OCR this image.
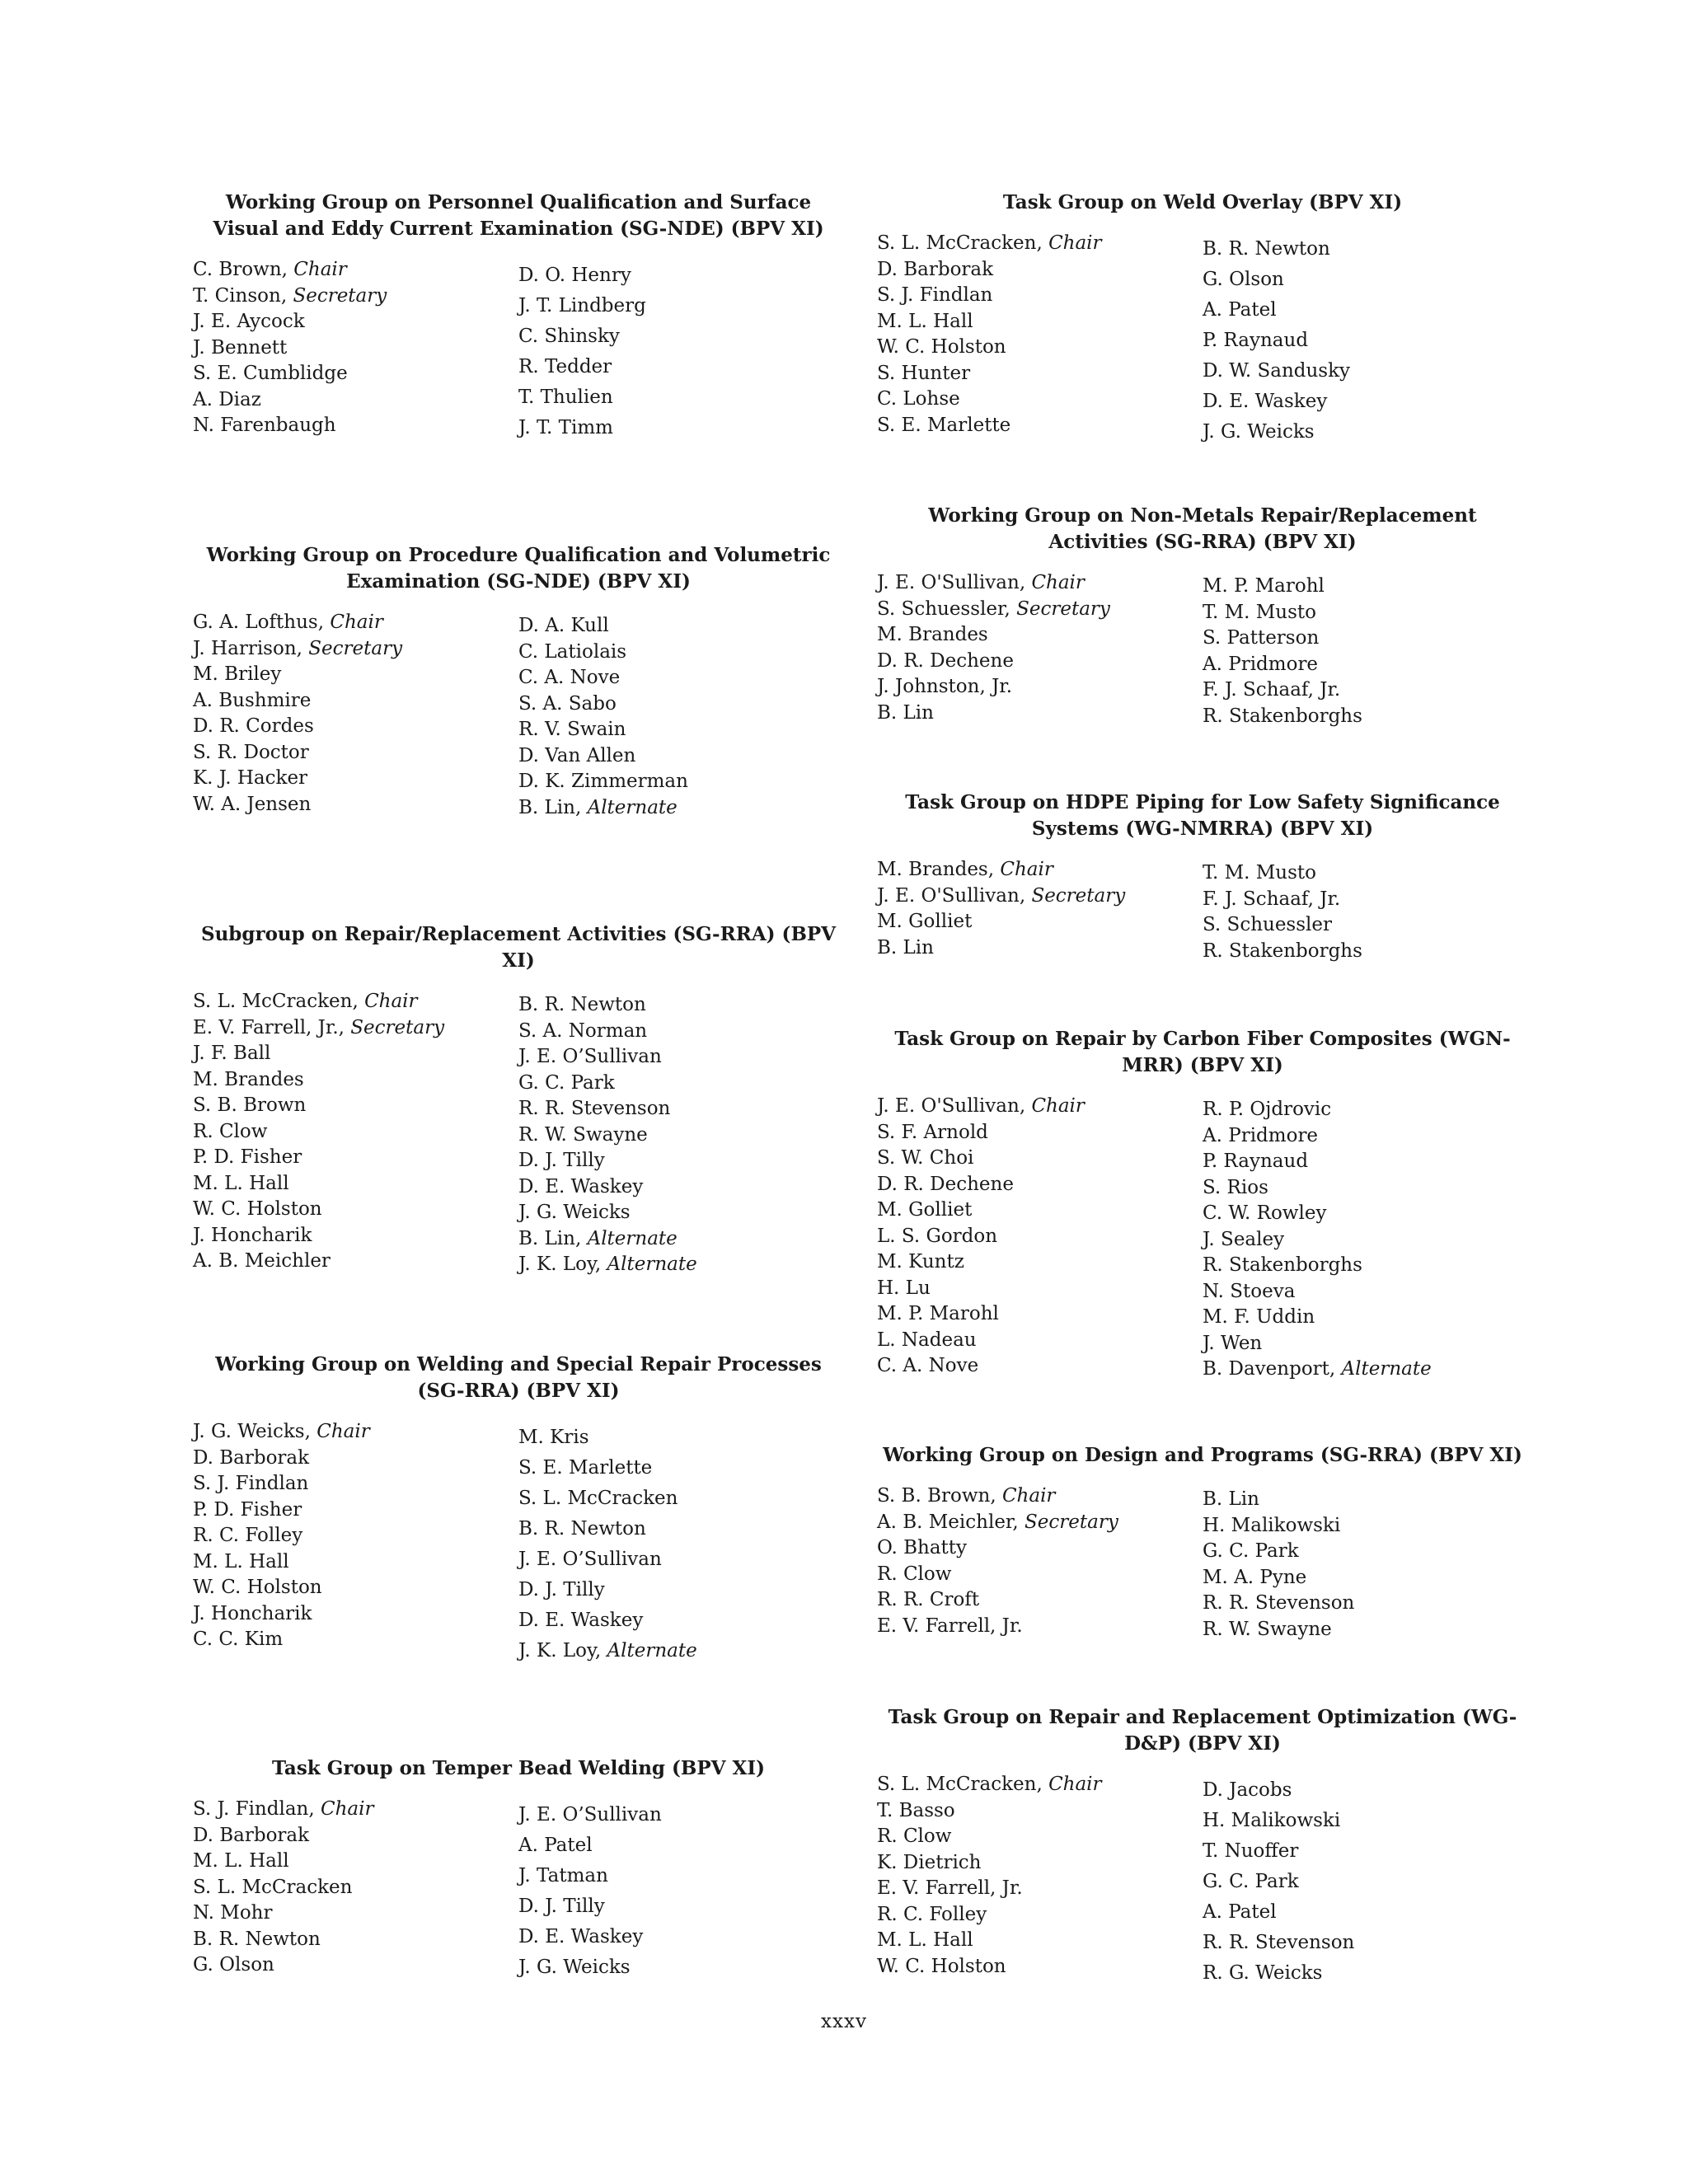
Working Group on Personnel Qualification and Surface Visual and Eddy Current Examination (SG-NDE) (BPV XI)
C. Brown, Chair
T. Cinson, Secretary
J. E. Aycock
J. Bennett
S. E. Cumblidge
A. Diaz
N. Farenbaugh
D. O. Henry
J. T. Lindberg
C. Shinsky
R. Tedder
T. Thulien
J. T. Timm
Working Group on Procedure Qualification and Volumetric Examination (SG-NDE) (BPV XI)
G. A. Lofthus, Chair
J. Harrison, Secretary
M. Briley
A. Bushmire
D. R. Cordes
S. R. Doctor
K. J. Hacker
W. A. Jensen
D. A. Kull
C. Latiolais
C. A. Nove
S. A. Sabo
R. V. Swain
D. Van Allen
D. K. Zimmerman
B. Lin, Alternate
Subgroup on Repair/Replacement Activities (SG-RRA) (BPV XI)
S. L. McCracken, Chair
E. V. Farrell, Jr., Secretary
J. F. Ball
M. Brandes
S. B. Brown
R. Clow
P. D. Fisher
M. L. Hall
W. C. Holston
J. Honcharik
A. B. Meichler
B. R. Newton
S. A. Norman
J. E. O’Sullivan
G. C. Park
R. R. Stevenson
R. W. Swayne
D. J. Tilly
D. E. Waskey
J. G. Weicks
B. Lin, Alternate
J. K. Loy, Alternate
Working Group on Welding and Special Repair Processes (SG-RRA) (BPV XI)
J. G. Weicks, Chair
D. Barborak
S. J. Findlan
P. D. Fisher
R. C. Folley
M. L. Hall
W. C. Holston
J. Honcharik
C. C. Kim
M. Kris
S. E. Marlette
S. L. McCracken
B. R. Newton
J. E. O’Sullivan
D. J. Tilly
D. E. Waskey
J. K. Loy, Alternate
Task Group on Temper Bead Welding (BPV XI)
S. J. Findlan, Chair
D. Barborak
M. L. Hall
S. L. McCracken
N. Mohr
B. R. Newton
G. Olson
J. E. O’Sullivan
A. Patel
J. Tatman
D. J. Tilly
D. E. Waskey
J. G. Weicks
Task Group on Weld Overlay (BPV XI)
S. L. McCracken, Chair
D. Barborak
S. J. Findlan
M. L. Hall
W. C. Holston
S. Hunter
C. Lohse
S. E. Marlette
B. R. Newton
G. Olson
A. Patel
P. Raynaud
D. W. Sandusky
D. E. Waskey
J. G. Weicks
Working Group on Non-Metals Repair/Replacement Activities (SG-RRA) (BPV XI)
J. E. O'Sullivan, Chair
S. Schuessler, Secretary
M. Brandes
D. R. Dechene
J. Johnston, Jr.
B. Lin
M. P. Marohl
T. M. Musto
S. Patterson
A. Pridmore
F. J. Schaaf, Jr.
R. Stakenborghs
Task Group on HDPE Piping for Low Safety Significance Systems (WG-NMRRA) (BPV XI)
M. Brandes, Chair
J. E. O'Sullivan, Secretary
M. Golliet
B. Lin
T. M. Musto
F. J. Schaaf, Jr.
S. Schuessler
R. Stakenborghs
Task Group on Repair by Carbon Fiber Composites (WGN-MRR) (BPV XI)
J. E. O'Sullivan, Chair
S. F. Arnold
S. W. Choi
D. R. Dechene
M. Golliet
L. S. Gordon
M. Kuntz
H. Lu
M. P. Marohl
L. Nadeau
C. A. Nove
R. P. Ojdrovic
A. Pridmore
P. Raynaud
S. Rios
C. W. Rowley
J. Sealey
R. Stakenborghs
N. Stoeva
M. F. Uddin
J. Wen
B. Davenport, Alternate
Working Group on Design and Programs (SG-RRA) (BPV XI)
S. B. Brown, Chair
A. B. Meichler, Secretary
O. Bhatty
R. Clow
R. R. Croft
E. V. Farrell, Jr.
B. Lin
H. Malikowski
G. C. Park
M. A. Pyne
R. R. Stevenson
R. W. Swayne
Task Group on Repair and Replacement Optimization (WG-D&P) (BPV XI)
S. L. McCracken, Chair
T. Basso
R. Clow
K. Dietrich
E. V. Farrell, Jr.
R. C. Folley
M. L. Hall
W. C. Holston
D. Jacobs
H. Malikowski
T. Nuoffer
G. C. Park
A. Patel
R. R. Stevenson
R. G. Weicks
xxxv
